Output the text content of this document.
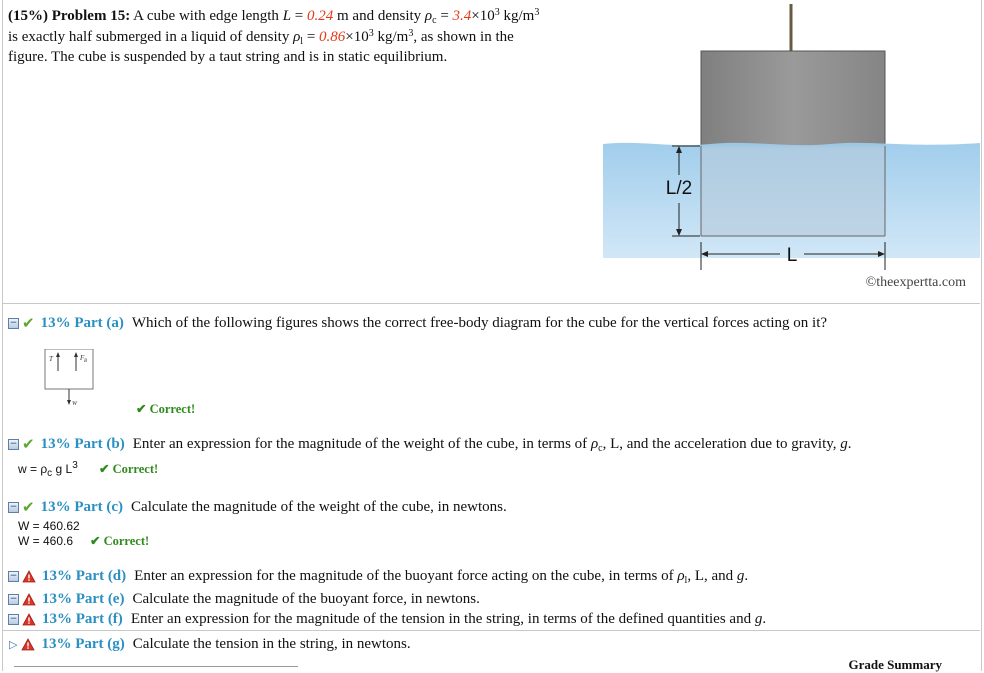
(15%) Problem 15: A cube with edge length L = 0.24 m and density $\rho_c = 3.4\times 10^3$ $kg/m^3$
is exactly half submerged in a liquid of density $\rho_l = 0.86\times 10^3$ $kg/m^3$, as shown in the
figure. The cube is suspended by a taut string and is in static equilibrium.
L/2
L
©theexpertta.com
− ✔ 13% Part (a) Which of the following figures shows the correct free-body diagram for the cube for the vertical forces acting on it?
T	F B
W	✔ Correct!
− ✔ 13% Part (b) Enter an expression for the magnitude of the weight of the cube, in terms of $\rho_c$, L, and the acceleration due to gravity, g.
$w = \rho_c$ g $L^3$ ✔ Correct!
− ✔ 13% Part (c) Calculate the magnitude of the weight of the cube, in newtons.
W = 460.62
W = 460.6 ✔ Correct!
− 13% Part (d) Enter an expression for the magnitude of the buoyant force acting on the cube, in terms of $\rho_l$, L, and g.
− 13% Part (e) Calculate the magnitude of the buoyant force, in newtons.
− 13% Part (f) Enter an expression for the magnitude of the tension in the string, in terms of the defined quantities and g.
▷ 13% Part (g) Calculate the tension in the string, in newtons.
Grade Summary
